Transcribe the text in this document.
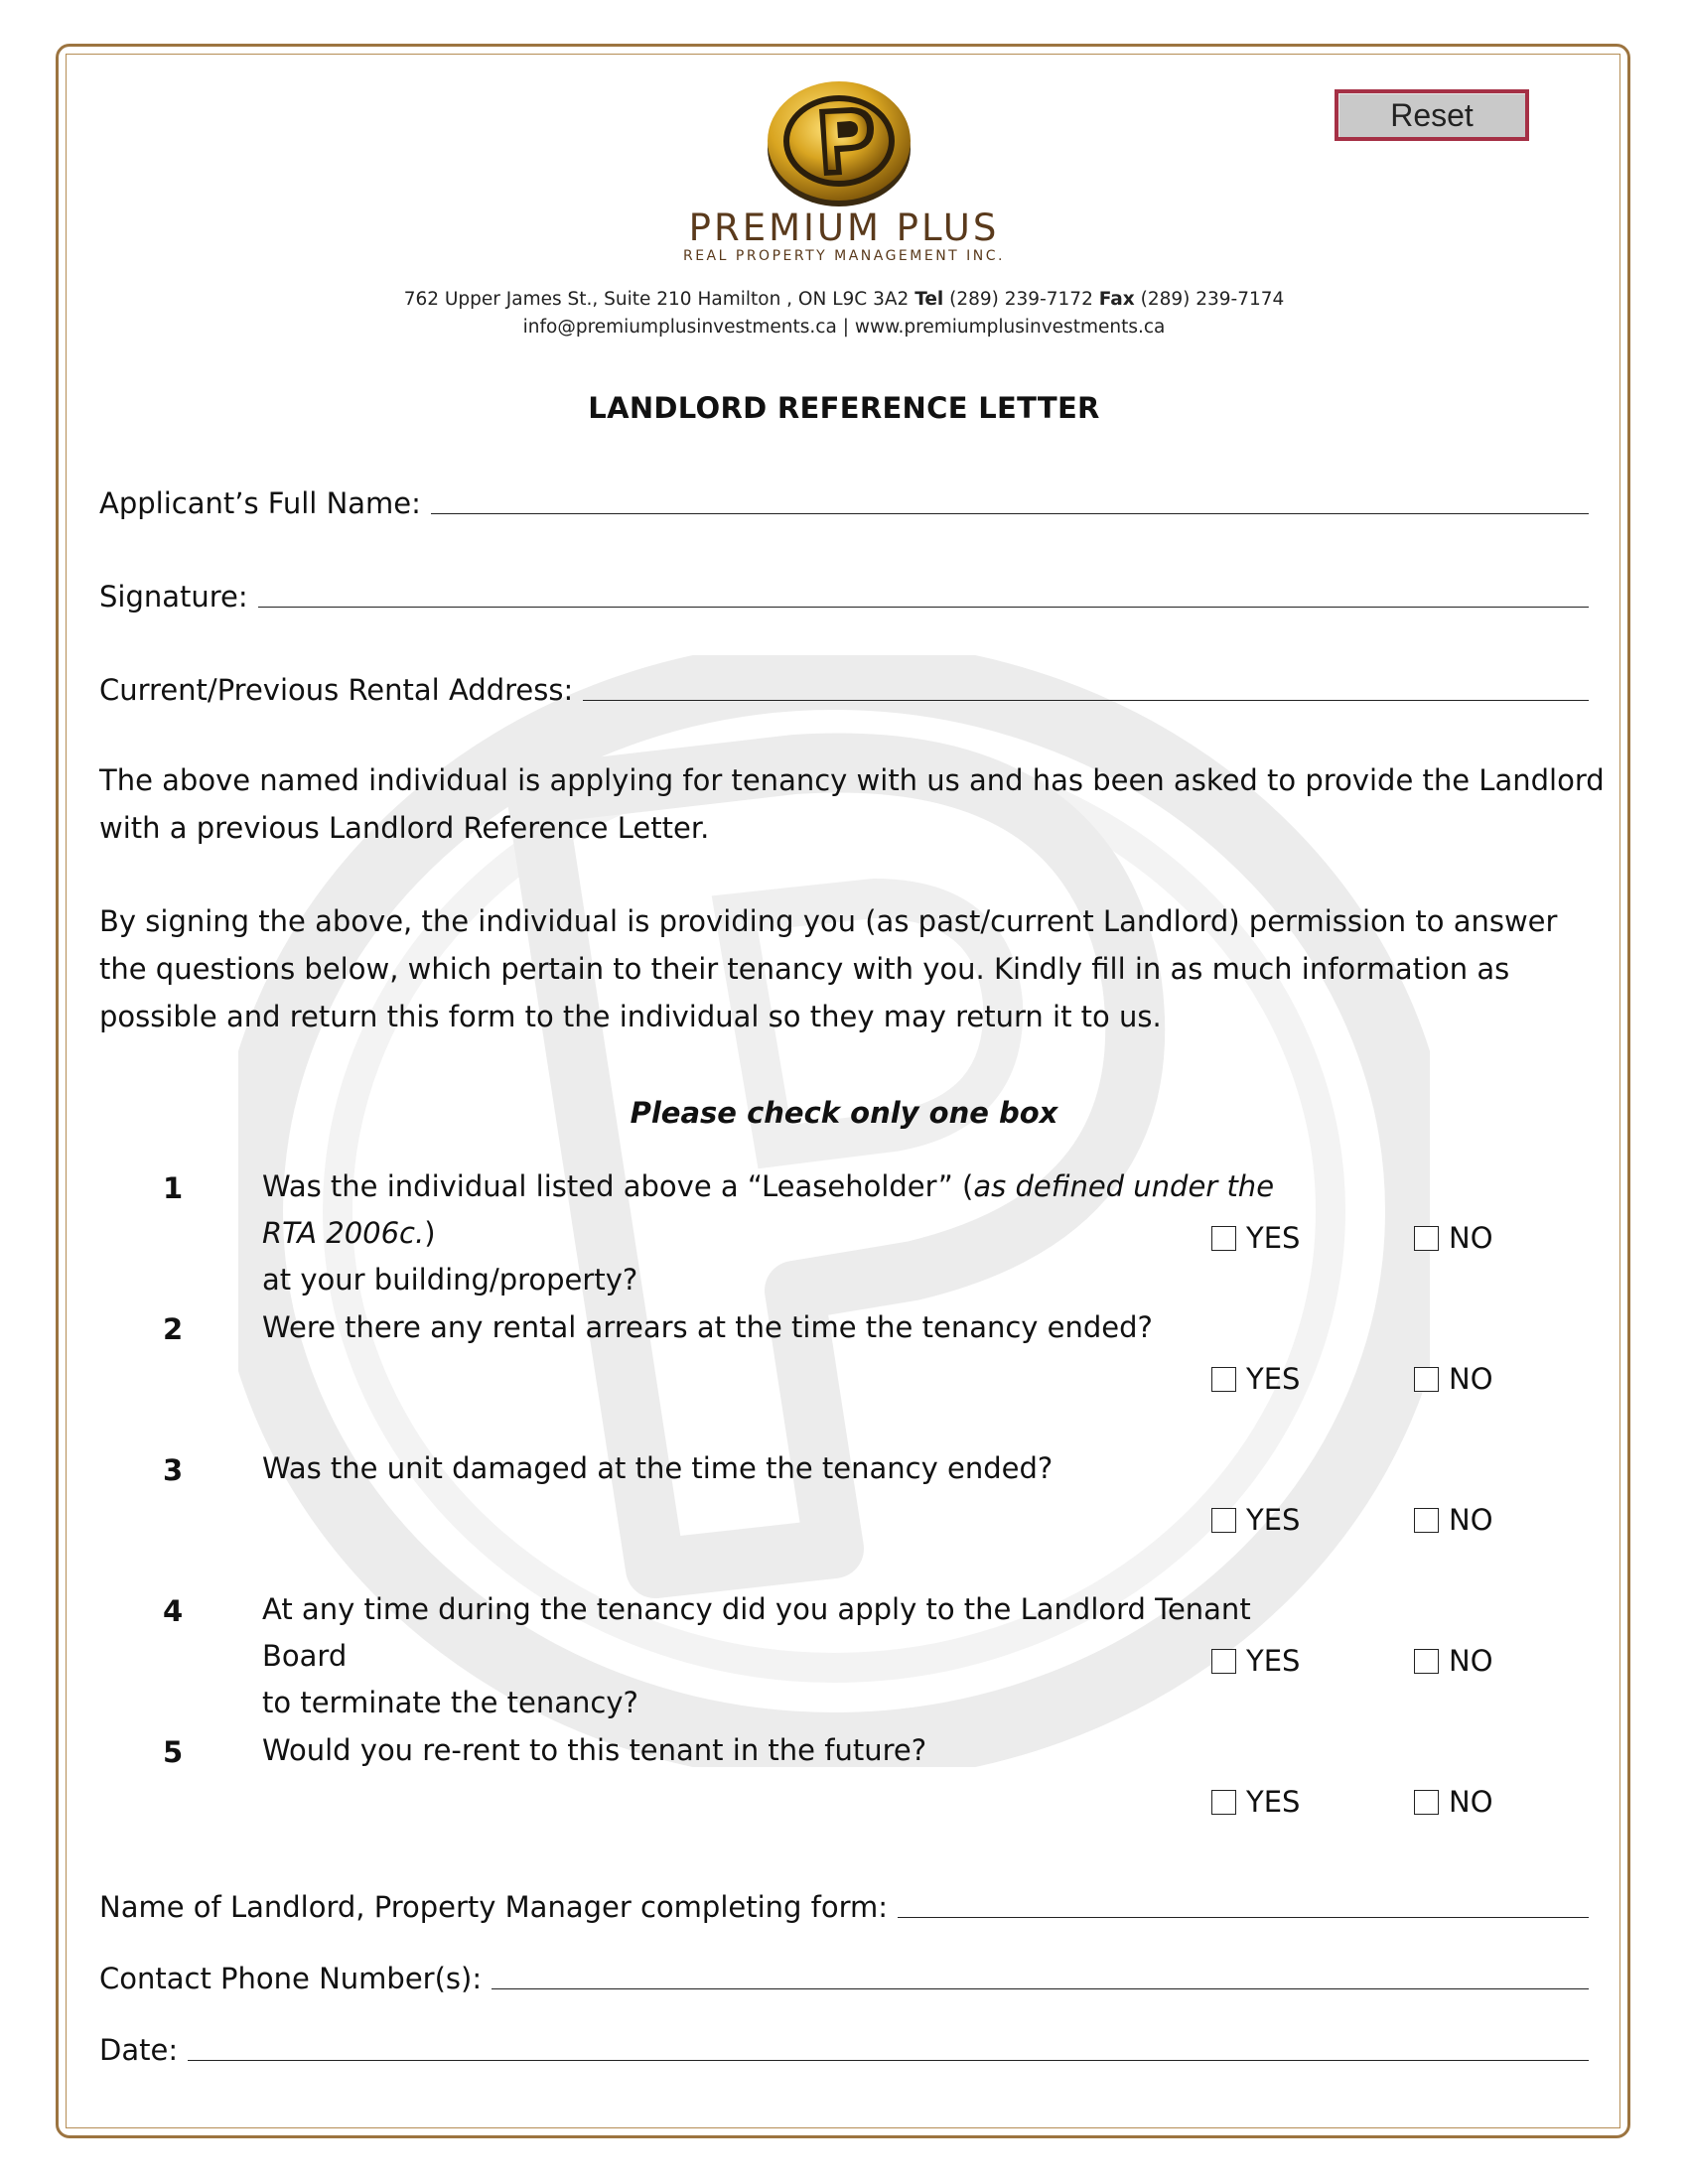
Reset
PREMIUM PLUS
REAL PROPERTY MANAGEMENT INC.
762 Upper James St., Suite 210 Hamilton , ON L9C 3A2 Tel (289) 239-7172 Fax (289) 239-7174
info@premiumplusinvestments.ca | www.premiumplusinvestments.ca
LANDLORD REFERENCE LETTER
Applicant’s Full Name:
Signature:
Current/Previous Rental Address:
The above named individual is applying for tenancy with us and has been asked to provide the Landlord with a previous Landlord Reference Letter.
By signing the above, the individual is providing you (as past/current Landlord) permission to answer the questions below, which pertain to their tenancy with you. Kindly fill in as much information as possible and return this form to the individual so they may return it to us.
Please check only one box
1	Was the individual listed above a “Leaseholder” (as defined under the RTA 2006c.)
at your building/property?
YES	NO
2	Were there any rental arrears at the time the tenancy ended?
YES	NO
3	Was the unit damaged at the time the tenancy ended?
YES	NO
4	At any time during the tenancy did you apply to the Landlord Tenant Board
to terminate the tenancy?
YES	NO
5	Would you re-rent to this tenant in the future?
YES	NO
Name of Landlord, Property Manager completing form:
Contact Phone Number(s):
Date:
